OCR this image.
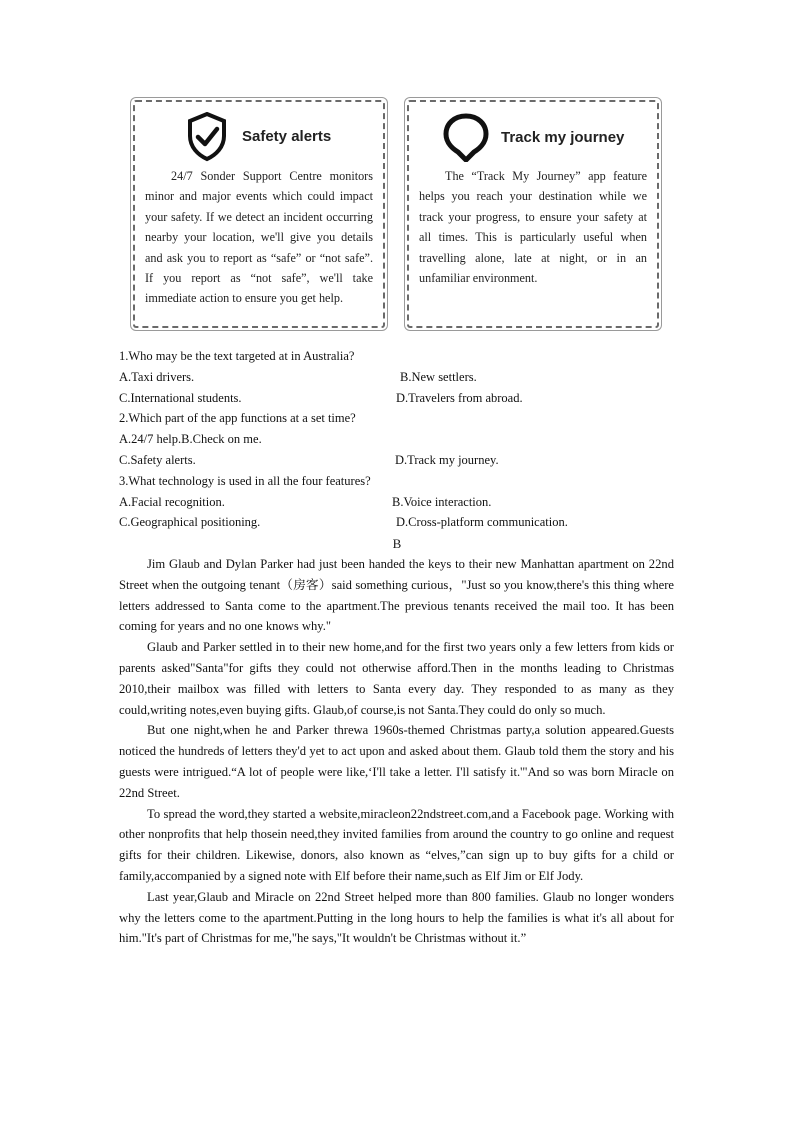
Safety alerts
24/7 Sonder Support Centre monitors minor and major events which could impact your safety. If we detect an incident occurring nearby your location, we'll give you details and ask you to report as “safe” or “not safe”. If you report as “not safe”, we'll take immediate action to ensure you get help.
Track my journey
The “Track My Journey” app feature helps you reach your destination while we track your progress, to ensure your safety at all times. This is particularly useful when travelling alone, late at night, or in an unfamiliar environment.
1.Who may be the text targeted at in Australia?
A.Taxi drivers.	B.New settlers.
C.International students.	D.Travelers from abroad.
2.Which part of the app functions at a set time?
A.24/7 help.B.Check on me.
C.Safety alerts.	D.Track my journey.
3.What technology is used in all the four features?
A.Facial recognition.	B.Voice interaction.
C.Geographical positioning.	D.Cross-platform communication.
B

Jim Glaub and Dylan Parker had just been handed the keys to their new Manhattan apartment on 22nd Street when the outgoing tenant（房客）said something curious，"Just so you know,there's this thing where letters addressed to Santa come to the apartment.The previous tenants received the mail too. It has been coming for years and no one knows why."

Glaub and Parker settled in to their new home,and for the first two years only a few letters from kids or parents asked"Santa"for gifts they could not otherwise afford.Then in the months leading to Christmas 2010,their mailbox was filled with letters to Santa every day. They responded to as many as they could,writing notes,even buying gifts. Glaub,of course,is not Santa.They could do only so much.

But one night,when he and Parker threwa 1960s-themed Christmas party,a solution appeared.Guests noticed the hundreds of letters they'd yet to act upon and asked about them. Glaub told them the story and his guests were intrigued.“A lot of people were like,‘I'll take a letter. I'll satisfy it.'"And so was born Miracle on 22nd Street.

To spread the word,they started a website,miracleon22ndstreet.com,and a Facebook page. Working with other nonprofits that help thosein need,they invited families from around the country to go online and request gifts for their children. Likewise, donors, also known as “elves,”can sign up to buy gifts for a child or family,accompanied by a signed note with Elf before their name,such as Elf Jim or Elf Jody.

Last year,Glaub and Miracle on 22nd Street helped more than 800 families. Glaub no longer wonders why the letters come to the apartment.Putting in the long hours to help the families is what it's all about for him."It's part of Christmas for me,"he says,"It wouldn't be Christmas without it.”
